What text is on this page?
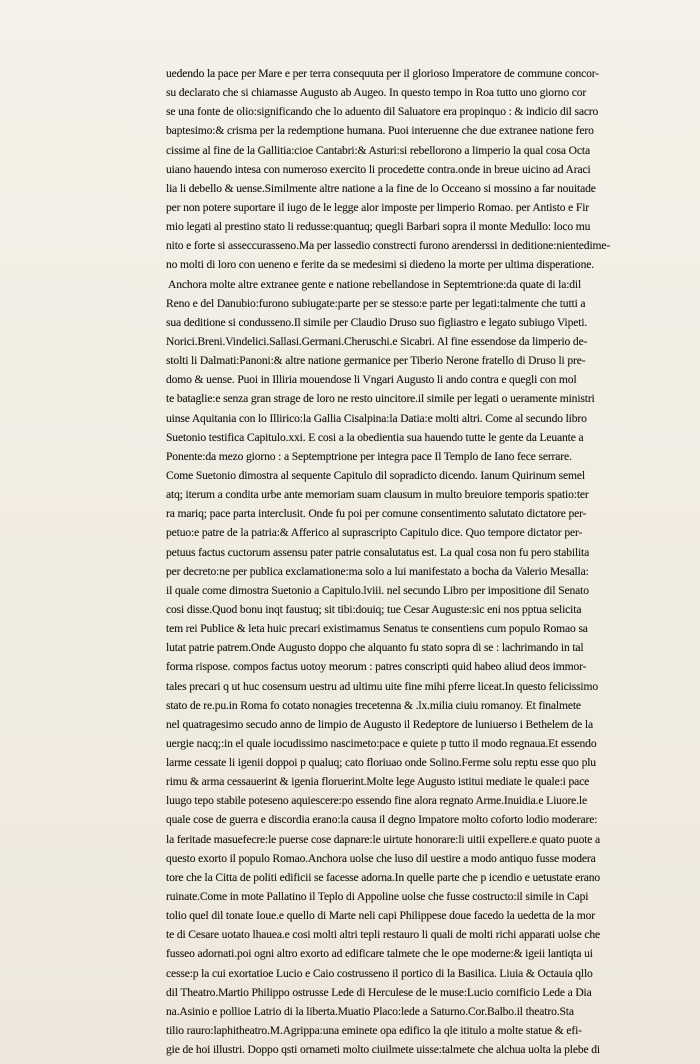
uedendo la pace per Mare e per terra consequuta per il glorioso Imperatore de commune concor-
su declarato che si chiamasse Augusto ab Augeo. In questo tempo in Roa tutto uno giorno cor
se una fonte de olio:significando che lo aduento dil Saluatore era propinquo : & indicio dil sacro
baptesimo:& crisma per la redemptione humana. Puoi interuenne che due extranee natione fero
cissime al fine de la Gallitia:cioe Cantabri:& Asturi:si rebellorono a limperio la qual cosa Octa
uiano hauendo intesa con numeroso exercito li procedette contra.onde in breue uicino ad Araci
lia li debello & uense.Similmente altre natione a la fine de lo Occeano si mossino a far nouitade
per non potere suportare il iugo de le legge alor imposte per limperio Romao. per Antisto e Fir
mio legati al prestino stato li redusse:quantuq; quegli Barbari sopra il monte Medullo: loco mu
nito e forte si asseccurasseno.Ma per lassedio constrecti furono arenderssi in deditione:nientedime-
no molti di loro con ueneno e ferite da se medesimi si diedeno la morte per ultima disperatione.
Anchora molte altre extranee gente e natione rebellandose in Septemtrione:da quate di la:dil
Reno e del Danubio:furono subiugate:parte per se stesso:e parte per legati:talmente che tutti a
sua deditione si condusseno.Il simile per Claudio Druso suo figliastro e legato subiugo Vipeti.
Norici.Breni.Vindelici.Sallasi.Germani.Cheruschi.e Sicabri. Al fine essendose da limperio de-
stolti li Dalmati:Panoni:& altre natione germanice per Tiberio Nerone fratello di Druso li pre-
domo & uense. Puoi in Illiria mouendose li Vngari Augusto li ando contra e quegli con mol
te bataglie:e senza gran strage de loro ne resto uincitore.il simile per legati o ueramente ministri
uinse Aquitania con lo Illirico:la Gallia Cisalpina:la Datia:e molti altri. Come al secundo libro
Suetonio testifica Capitulo.xxi. E cosi a la obedientia sua hauendo tutte le gente da Leuante a
Ponente:da mezo giorno : a Septemptrione per integra pace Il Templo de Iano fece serrare.
Come Suetonio dimostra al sequente Capitulo dil sopradicto dicendo. Ianum Quirinum semel
atq; iterum a condita urbe ante memoriam suam clausum in multo breuiore temporis spatio:ter
ra mariq; pace parta interclusit. Onde fu poi per comune consentimento salutato dictatore per-
petuo:e patre de la patria:& Afferico al suprascripto Capitulo dice. Quo tempore dictator per-
petuus factus cuctorum assensu pater patrie consalutatus est. La qual cosa non fu pero stabilita
per decreto:ne per publica exclamatione:ma solo a lui manifestato a bocha da Valerio Mesalla:
il quale come dimostra Suetonio a Capitulo.lviii. nel secundo Libro per impositione dil Senato
cosi disse.Quod bonu inqt faustuq; sit tibi:douiq; tue Cesar Auguste:sic eni nos pptua selicita
tem rei Publice & leta huic precari existimamus Senatus te consentiens cum populo Romao sa
lutat patrie patrem.Onde Augusto doppo che alquanto fu stato sopra di se : lachrimando in tal
forma rispose. compos factus uotoy meorum : patres conscripti quid habeo aliud deos immor-
tales precari q ut huc cosensum uestru ad ultimu uite fine mihi pferre liceat.In questo felicissimo
stato de re.pu.in Roma fo cotato nonagies trecetenna & .lx.milia ciuiu romanoy. Et finalmete
nel quatragesimo secudo anno de limpio de Augusto il Redeptore de luniuerso i Bethelem de la
uergie nacq;:in el quale iocudissimo nascimeto:pace e quiete p tutto il modo regnaua.Et essendo
larme cessate li igenii doppoi p qualuq; cato floriuao onde Solino.Ferme solu reptu esse quo plu
rimu & arma cessauerint & igenia floruerint.Molte lege Augusto istitui mediate le quale:i pace
luugo tepo stabile poteseno aquiescere:po essendo fine alora regnato Arme.Inuidia.e Liuore.le
quale cose de guerra e discordia erano:la causa il degno Impatore molto coforto lodio moderare:
la feritade masuefecre:le puerse cose dapnare:le uirtute honorare:li uitii expellere.e quato puote a
questo exorto il populo Romao.Anchora uolse che luso dil uestire a modo antiquo fusse modera
tore che la Citta de politi edificii se facesse adorna.In quelle parte che p icendio e uetustate erano
ruinate.Come in mote Pallatino il Teplo di Appoline uolse che fusse costructo:il simile in Capi
tolio quel dil tonate Ioue.e quello di Marte neli capi Philippese doue facedo la uedetta de la mor
te di Cesare uotato lhauea.e cosi molti altri tepli restauro li quali de molti richi apparati uolse che
fusseo adornati.poi ogni altro exorto ad edificare talmete che le ope moderne:& igeii lantiqta ui
cesse:p la cui exortatioe Lucio e Caio costrusseno il portico di la Basilica. Liuia & Octauia qllo
dil Theatro.Martio Philippo ostrusse Lede di Herculese de le muse:Lucio cornificio Lede a Dia
na.Asinio e pollioe Latrio di la liberta.Muatio Placo:lede a Saturno.Cor.Balbo.il theatro.Sta
tilio rauro:laphitheatro.M.Agrippa:una eminete opa edifico la qle ititulo a molte statue & efi-
gie de hoi illustri. Doppo qsti ornameti molto ciuilmete uisse:talmete che alchua uolta la plebe di
